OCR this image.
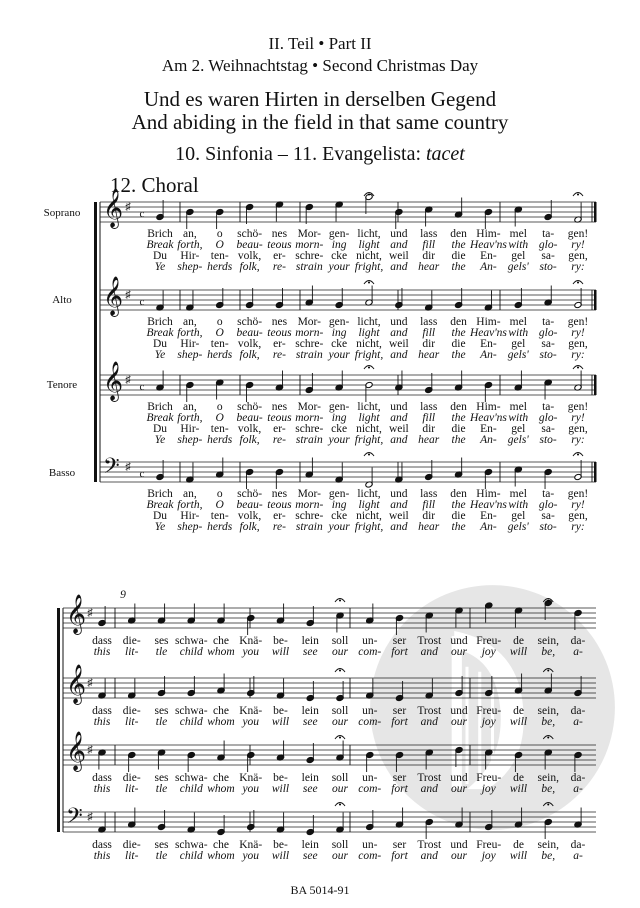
II. Teil • Part II
Am 2. Weihnachtstag • Second Christmas Day
Und es waren Hirten in derselben Gegend
And abiding in the field in that same country
10. Sinfonia – 11. Evangelista: tacet
12. Choral
Soprano 𝄞 ♯
c
Brich an, o schö- nes Mor- gen- licht, und lass den Him- mel ta- gen!
Break forth, O beau- teous morn- ing light and fill the Heav'ns with glo- ry!
Du Hir- ten- volk, er- schre- cke nicht, weil dir die En- gel sa- gen,
Ye shep- herds folk, re- strain your fright, and hear the An- gels' sto- ry:
Alto 𝄞 ♯
c
Brich an, o schö- nes Mor- gen- licht, und lass den Him- mel ta- gen!
Break forth, O beau- teous morn- ing light and fill the Heav'ns with glo- ry!
Du Hir- ten- volk, er- schre- cke nicht, weil dir die En- gel sa- gen,
Ye shep- herds folk, re- strain your fright, and hear the An- gels' sto- ry:
Tenore 𝄞 ♯
c
Brich an, o schö- nes Mor- gen- licht, und lass den Him- mel ta- gen!
Break forth, O beau- teous morn- ing light and fill the Heav'ns with glo- ry!
Du Hir- ten- volk, er- schre- cke nicht, weil dir die En- gel sa- gen,
Ye shep- herds folk, re- strain your fright, and hear the An- gels' sto- ry:
Basso 𝄢 ♯
c
Brich an, o schö- nes Mor- gen- licht, und lass den Him- mel ta- gen!
Break forth, O beau- teous morn- ing light and fill the Heav'ns with glo- ry!
Du Hir- ten- volk, er- schre- cke nicht, weil dir die En- gel sa- gen,
Ye shep- herds folk, re- strain your fright, and hear the An- gels' sto- ry:
9
𝄞 ♯
dass die- ses schwa- che Knä- be- lein soll un- ser Trost und Freu- de sein, da-
this lit- tle child whom you will see our com- fort and our joy will be, a-
𝄞 ♯
dass die- ses schwa- che Knä- be- lein soll un- ser Trost und Freu- de sein, da-
this lit- tle child whom you will see our com- fort and our joy will be, a-
𝄞 ♯
dass die- ses schwa- che Knä- be- lein soll un- ser Trost und Freu- de sein, da-
this lit- tle child whom you will see our com- fort and our joy will be, a-
𝄢 ♯
dass die- ses schwa- che Knä- be- lein soll un- ser Trost und Freu- de sein, da-
this lit- tle child whom you will see our com- fort and our joy will be, a-
BA 5014-91
